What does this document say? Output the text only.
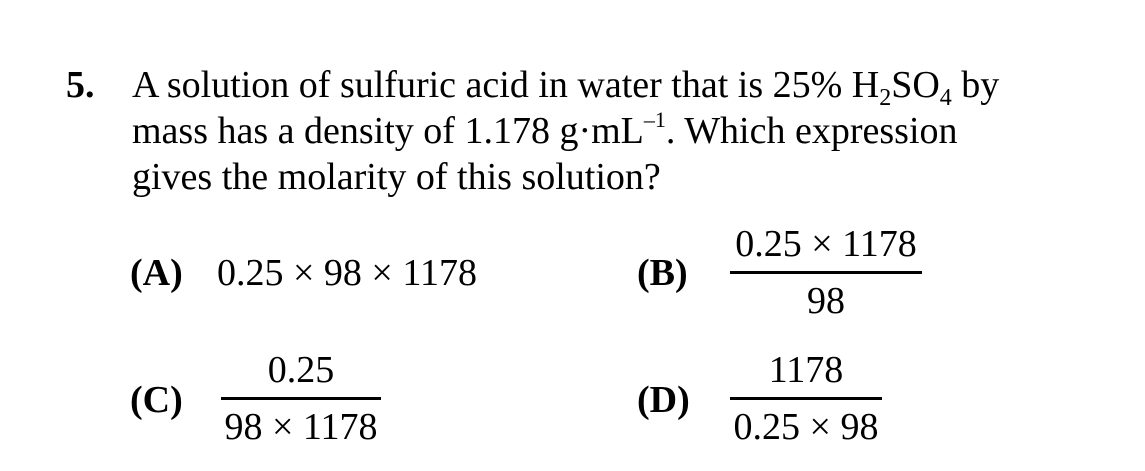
5. A solution of sulfuric acid in water that is 25% $H_2SO_4$ by
mass has a density of 1.178 $g\cdot mL^{-1}$. Which expression
gives the molarity of this solution?
(A) 0.25 × 98 × 1178	(B)
0.25 × 1178
98
(C)
0.25
98 × 1178
(D)
1178
0.25 × 98
